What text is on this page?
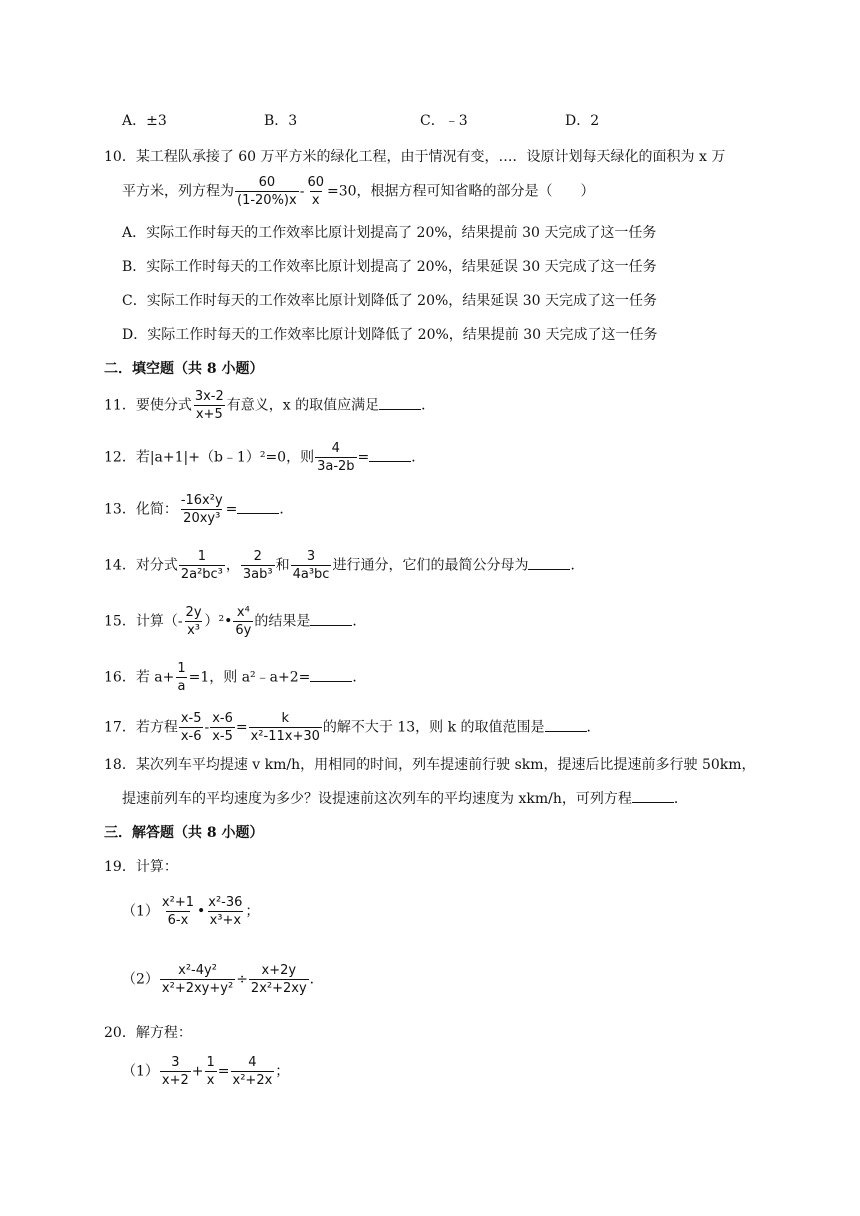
A．±3	B．3	C．﹣3	D．2
10．某工程队承接了 60 万平方米的绿化工程，由于情况有变，…．设原计划每天绿化的面积为 x 万
平方米，列方程为 $\frac{60}{(1-20\%)x} - \frac{60}{x} =30$，根据方程可知省略的部分是（　　）
A．实际工作时每天的工作效率比原计划提高了 20%，结果提前 30 天完成了这一任务
B．实际工作时每天的工作效率比原计划提高了 20%，结果延误 30 天完成了这一任务
C．实际工作时每天的工作效率比原计划降低了 20%，结果延误 30 天完成了这一任务
D．实际工作时每天的工作效率比原计划降低了 20%，结果提前 30 天完成了这一任务
二．填空题（共 8 小题）
11．要使分式 $\frac{3x-2}{x+5}$ 有意义，x 的取值应满足	．
12．若|a+1|+（b﹣1）²=0，则 $\frac{4}{3a-2b}$ =	．
13．化简： $\frac{\text{-16x²y}}{\text{20xy³}}$ =	．
14．对分式 $\frac{1}{\text{2a²bc³}}$ ， $\frac{2}{\text{3ab³}}$ 和 $\frac{3}{\text{4a³bc}}$ 进行通分，它们的最简公分母为	．
15．计算（- $\frac{2y}{\text{x³}}$ ）²• $\frac{\text{x⁴}}{6y}$ 的结果是	．
16．若 $a+ \frac{1}{a} =1$，则 a²﹣a+2=	．
17．若方程 $\frac{x-5}{x-6} - \frac{x-6}{x-5} = \frac{k}{\text{x²-11x+30}}$ 的解不大于 13，则 k 的取值范围是	．
18．某次列车平均提速 v km/h，用相同的时间，列车提速前行驶 skm，提速后比提速前多行驶 50km，
提速前列车的平均速度为多少？设提速前这次列车的平均速度为 xkm/h，可列方程	．
三．解答题（共 8 小题）
19．计算：
$(1) \frac{\text{x²+1}}{6-x}$ • $\frac{\text{x²-36}}{\text{x³+x}}$ ；
$(2) \frac{\text{x²-4y²}}{\text{x²+2xy+y²}} \div \frac{x+2y}{\text{2x²+2xy}}$ ．
20．解方程：
$(1) \frac{3}{x+2} + \frac{1}{x} = \frac{4}{\text{x²+2x}}$ ；
